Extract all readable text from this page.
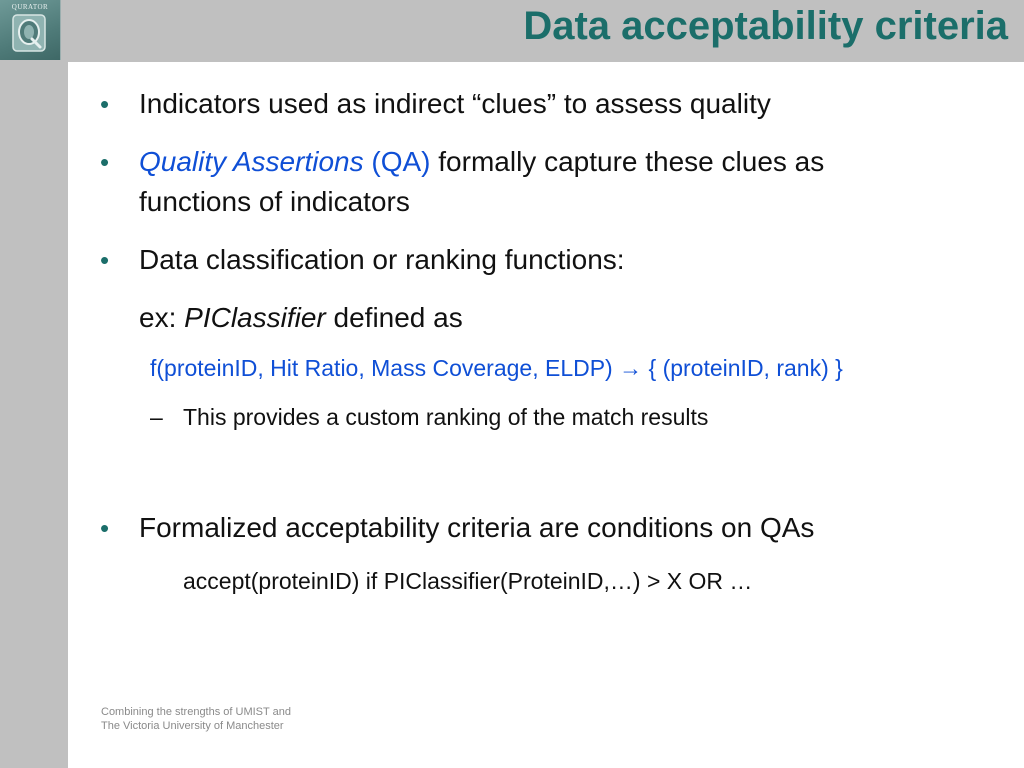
QURATOR	Data acceptability criteria
• Indicators used as indirect “clues” to assess quality
• Quality Assertions (QA) formally capture these clues as
functions of indicators
• Data classification or ranking functions:
ex: PIClassifier defined as
f(proteinID, Hit Ratio, Mass Coverage, ELDP) → { (proteinID, rank) }
– This provides a custom ranking of the match results
• Formalized acceptability criteria are conditions on QAs
accept(proteinID) if PIClassifier(ProteinID,…) > X OR …
Combining the strengths of UMIST and
The Victoria University of Manchester
